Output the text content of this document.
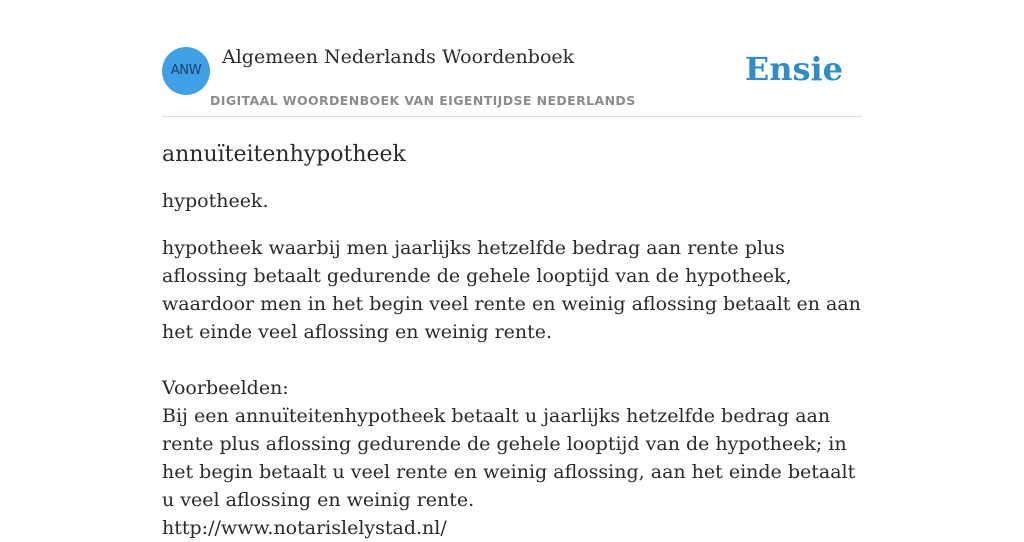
ANW
Algemeen Nederlands Woordenboek
DIGITAAL WOORDENBOEK VAN EIGENTIJDSE NEDERLANDS
Ensie
annuïteitenhypotheek

hypotheek.

hypotheek waarbij men jaarlijks hetzelfde bedrag aan rente plus aflossing betaalt gedurende de gehele looptijd van de hypotheek, waardoor men in het begin veel rente en weinig aflossing betaalt en aan het einde veel aflossing en weinig rente.

Voorbeelden:

Bij een annuïteitenhypotheek betaalt u jaarlijks hetzelfde bedrag aan rente plus aflossing gedurende de gehele looptijd van de hypotheek; in het begin betaalt u veel rente en weinig aflossing, aan het einde betaalt u veel aflossing en weinig rente.

http://www.notarislelystad.nl/
